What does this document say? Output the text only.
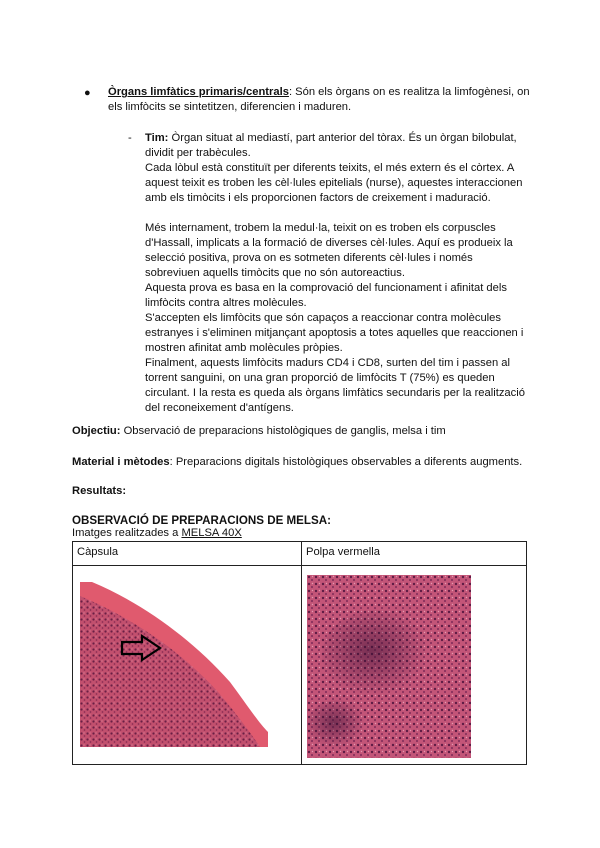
● Òrgans limfàtics primaris/centrals: Són els òrgans on es realitza la limfogènesi, on els limfòcits se sintetitzen, diferencien i maduren.
- Tim: Òrgan situat al mediastí, part anterior del tòrax. És un òrgan bilobulat, dividit per trabècules.

Cada lòbul està constituït per diferents teixits, el més extern és el còrtex. A aquest teixit es troben les cèl·lules epitelials (nurse), aquestes interaccionen amb els timòcits i els proporcionen factors de creixement i maduració.

Més internament, trobem la medul·la, teixit on es troben els corpuscles d'Hassall, implicats a la formació de diverses cèl·lules. Aquí es produeix la selecció positiva, prova on es sotmeten diferents cèl·lules i només sobreviuen aquells timòcits que no són autoreactius.

Aquesta prova es basa en la comprovació del funcionament i afinitat dels limfòcits contra altres molècules.

S'accepten els limfòcits que són capaços a reaccionar contra molècules estranyes i s'eliminen mitjançant apoptosis a totes aquelles que reaccionen i mostren afinitat amb molècules pròpies.

Finalment, aquests limfòcits madurs CD4 i CD8, surten del tim i passen al torrent sanguini, on una gran proporció de limfòcits T (75%) es queden circulant. I la resta es queda als òrgans limfàtics secundaris per la realització del reconeixement d'antígens.

Objectiu: Observació de preparacions histològiques de ganglis, melsa i tim
Material i mètodes: Preparacions digitals histològiques observables a diferents augments.
Resultats:
OBSERVACIÓ DE PREPARACIONS DE MELSA:
Imatges realitzades a MELSA 40X
Càpsula	Polpa vermella
